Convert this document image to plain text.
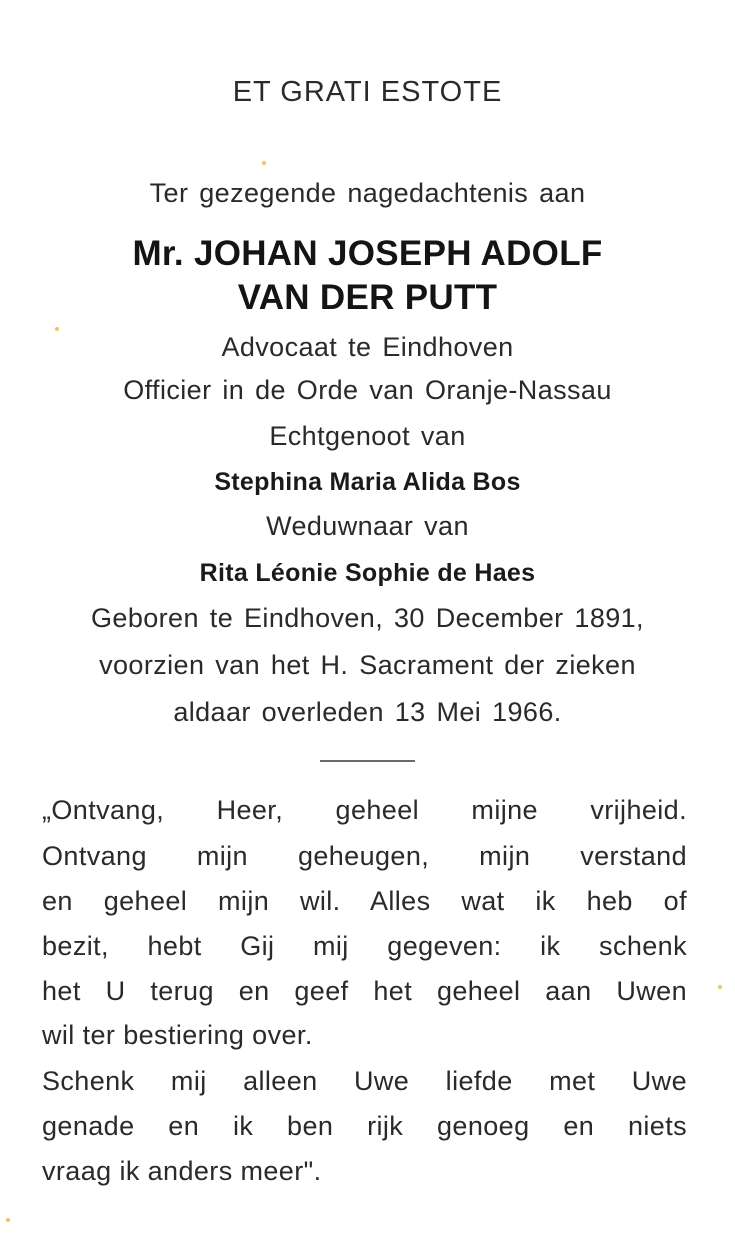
ET GRATI ESTOTE

Ter gezegende nagedachtenis aan

Mr. JOHAN JOSEPH ADOLF

VAN DER PUTT

Advocaat te Eindhoven

Officier in de Orde van Oranje-Nassau

Echtgenoot van

Stephina Maria Alida Bos

Weduwnaar van

Rita Léonie Sophie de Haes

Geboren te Eindhoven, 30 December 1891,

voorzien van het H. Sacrament der zieken

aldaar overleden 13 Mei 1966.

„Ontvang, Heer, geheel mijne vrijheid.

Ontvang mijn geheugen, mijn verstand

en geheel mijn wil. Alles wat ik heb of

bezit, hebt Gij mij gegeven: ik schenk

het U terug en geef het geheel aan Uwen

wil ter bestiering over.

Schenk mij alleen Uwe liefde met Uwe

genade en ik ben rijk genoeg en niets

vraag ik anders meer".
